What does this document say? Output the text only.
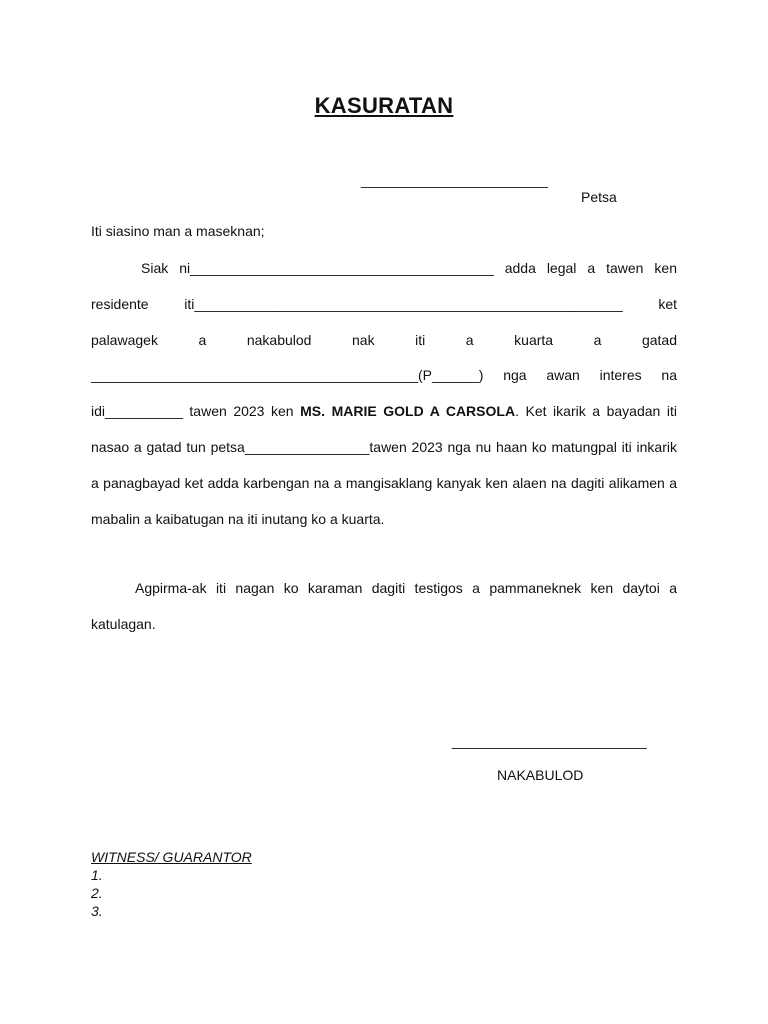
KASURATAN
________________________
Petsa
Iti siasino man a maseknan;
Siak ni_______________________________________ adda legal a tawen ken residente iti_______________________________________________________ ket palawagek a nakabulod nak iti a kuarta a gatad __________________________________________(P______) nga awan interes na idi__________ tawen 2023 ken MS. MARIE GOLD A CARSOLA. Ket ikarik a bayadan iti nasao a gatad tun petsa________________tawen 2023 nga nu haan ko matungpal iti inkarik a panagbayad ket adda karbengan na a mangisaklang kanyak ken alaen na dagiti alikamen a mabalin a kaibatugan na iti inutang ko a kuarta.
Agpirma-ak iti nagan ko karaman dagiti testigos a pammaneknek ken daytoi a katulagan.
_________________________
NAKABULOD
WITNESS/ GUARANTOR
1.
2.
3.
